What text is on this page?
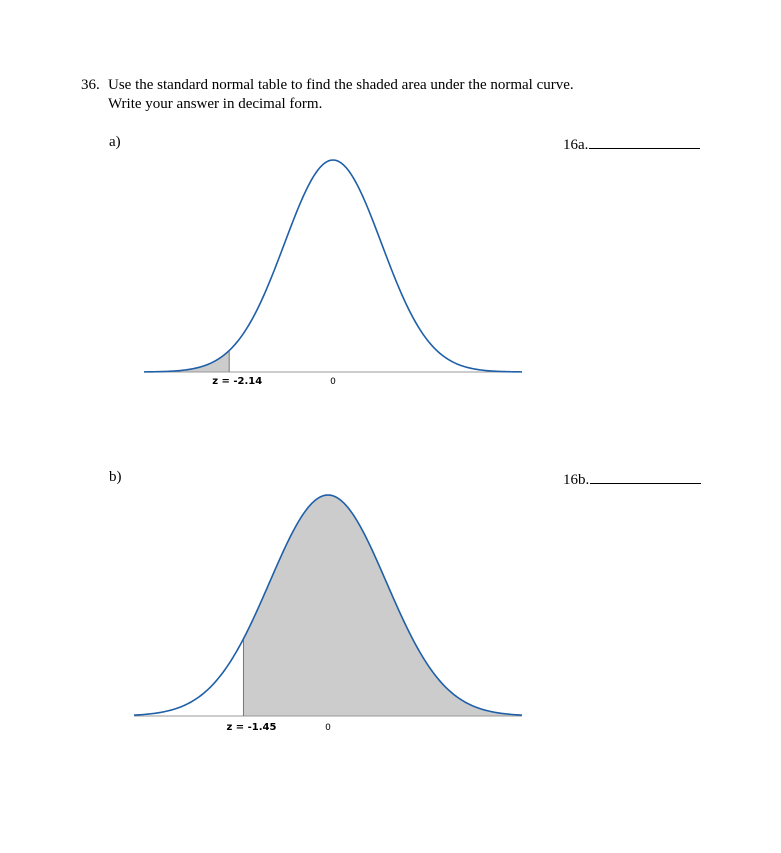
36. Use the standard normal table to find the shaded area under the normal curve.
Write your answer in decimal form.
a)	16a.
b)	16b.
z = -2.14	0
z = -1.45	0
